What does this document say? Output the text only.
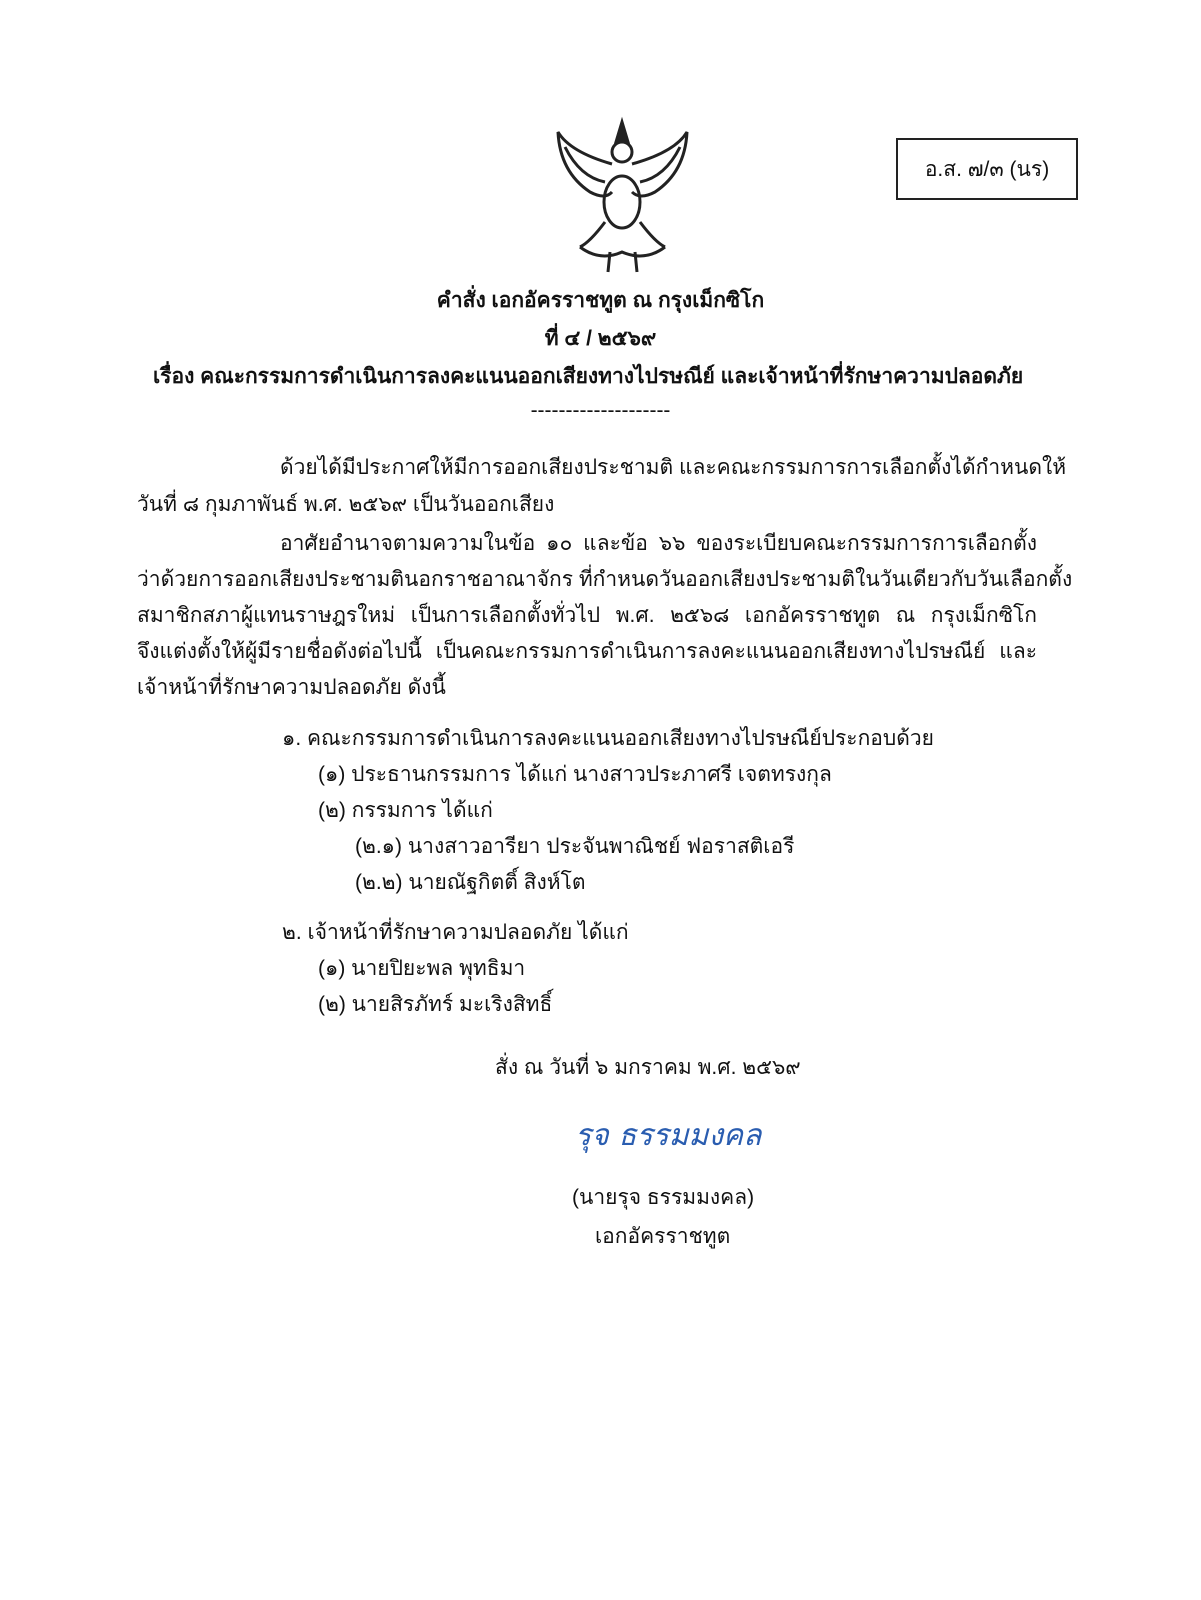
อ.ส. ๗/๓ (นร)
คำสั่ง เอกอัครราชทูต ณ กรุงเม็กซิโก
ที่ ๔ / ๒๕๖๙
เรื่อง คณะกรรมการดำเนินการลงคะแนนออกเสียงทางไปรษณีย์ และเจ้าหน้าที่รักษาความปลอดภัย
--------------------
ด้วยได้มีประกาศให้มีการออกเสียงประชามติ และคณะกรรมการการเลือกตั้งได้กำหนดให้
วันที่ ๘ กุมภาพันธ์ พ.ศ. ๒๕๖๙ เป็นวันออกเสียง
อาศัยอำนาจตามความในข้อ ๑๐ และข้อ ๖๖ ของระเบียบคณะกรรมการการเลือกตั้ง
ว่าด้วยการออกเสียงประชามตินอกราชอาณาจักร ที่กำหนดวันออกเสียงประชามติในวันเดียวกับวันเลือกตั้ง
สมาชิกสภาผู้แทนราษฎรใหม่ เป็นการเลือกตั้งทั่วไป พ.ศ. ๒๕๖๘ เอกอัครราชทูต ณ กรุงเม็กซิโก
จึงแต่งตั้งให้ผู้มีรายชื่อดังต่อไปนี้ เป็นคณะกรรมการดำเนินการลงคะแนนออกเสียงทางไปรษณีย์ และ
เจ้าหน้าที่รักษาความปลอดภัย ดังนี้
๑. คณะกรรมการดำเนินการลงคะแนนออกเสียงทางไปรษณีย์ประกอบด้วย
(๑) ประธานกรรมการ ได้แก่ นางสาวประภาศรี เจตทรงกุล
(๒) กรรมการ ได้แก่
(๒.๑) นางสาวอารียา ประจันพาณิชย์ ฟอราสติเอรี
(๒.๒) นายณัฐกิตติ์ สิงห์โต
๒. เจ้าหน้าที่รักษาความปลอดภัย ได้แก่
(๑) นายปิยะพล พุทธิมา
(๒) นายสิรภัทร์ มะเริงสิทธิ์
สั่ง ณ วันที่ ๖ มกราคม พ.ศ. ๒๕๖๙
รุจ ธรรมมงคล
(นายรุจ ธรรมมงคล)
เอกอัครราชทูต
